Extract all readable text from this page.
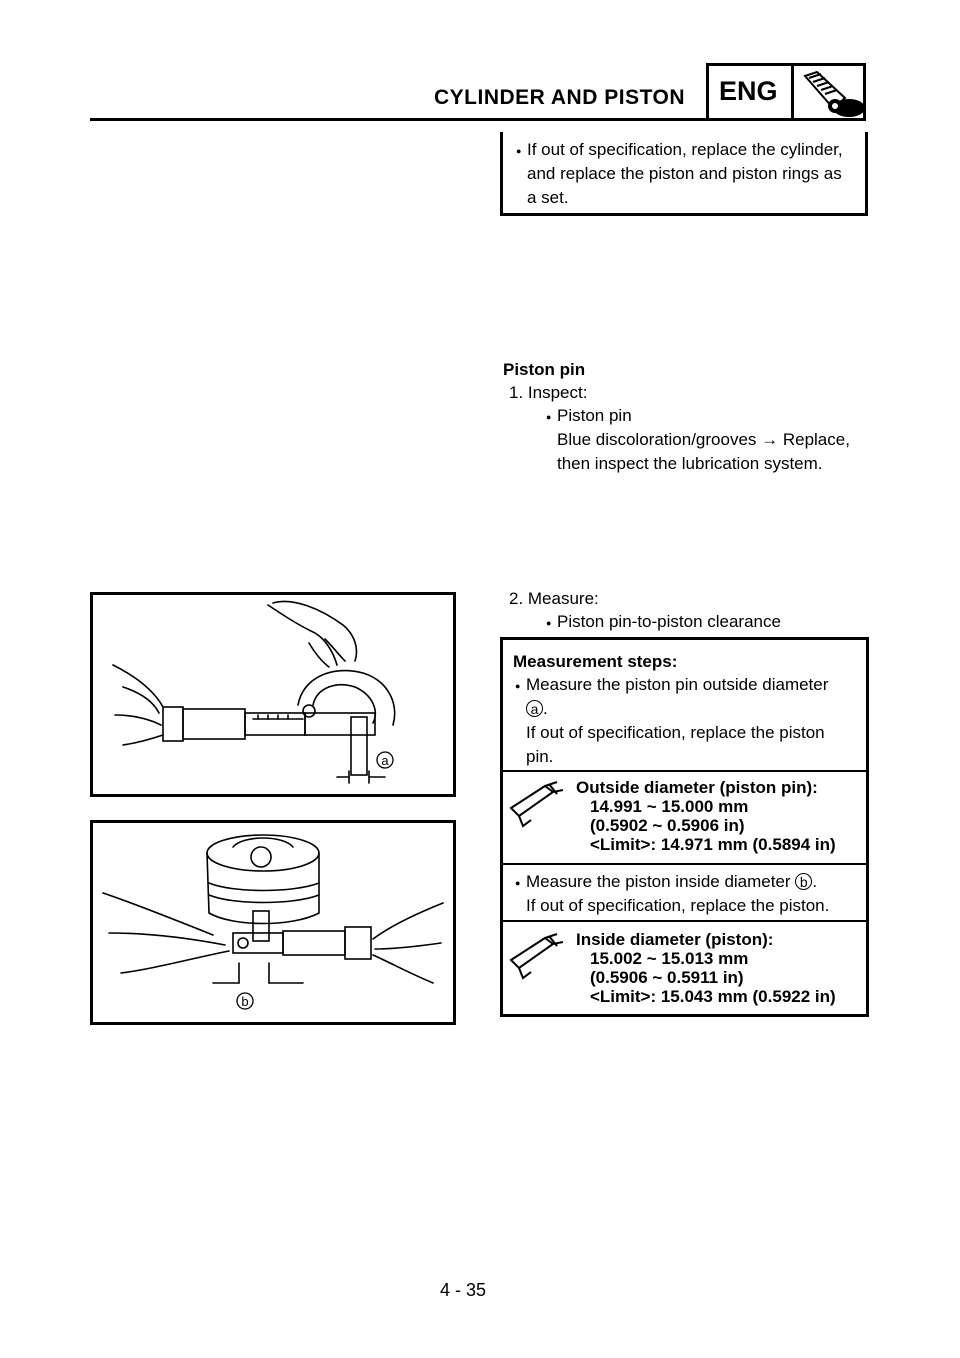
CYLINDER AND PISTON ENG
● If out of specification, replace the cylinder,
and replace the piston and piston rings as
a set.
Piston pin
1. Inspect:
● Piston pin
Blue discoloration/grooves → Replace,
then inspect the lubrication system.
2. Measure:
● Piston pin-to-piston clearance
Measurement steps:
● Measure the piston pin outside diameter
a .
If out of specification, replace the piston
pin.
Outside diameter (piston pin):
14.991 ~ 15.000 mm
(0.5902 ~ 0.5906 in)
<Limit>: 14.971 mm (0.5894 in)
● Measure the piston inside diameter b .
If out of specification, replace the piston.
Inside diameter (piston):
15.002 ~ 15.013 mm
(0.5906 ~ 0.5911 in)
<Limit>: 15.043 mm (0.5922 in)
a
b
4 - 35
